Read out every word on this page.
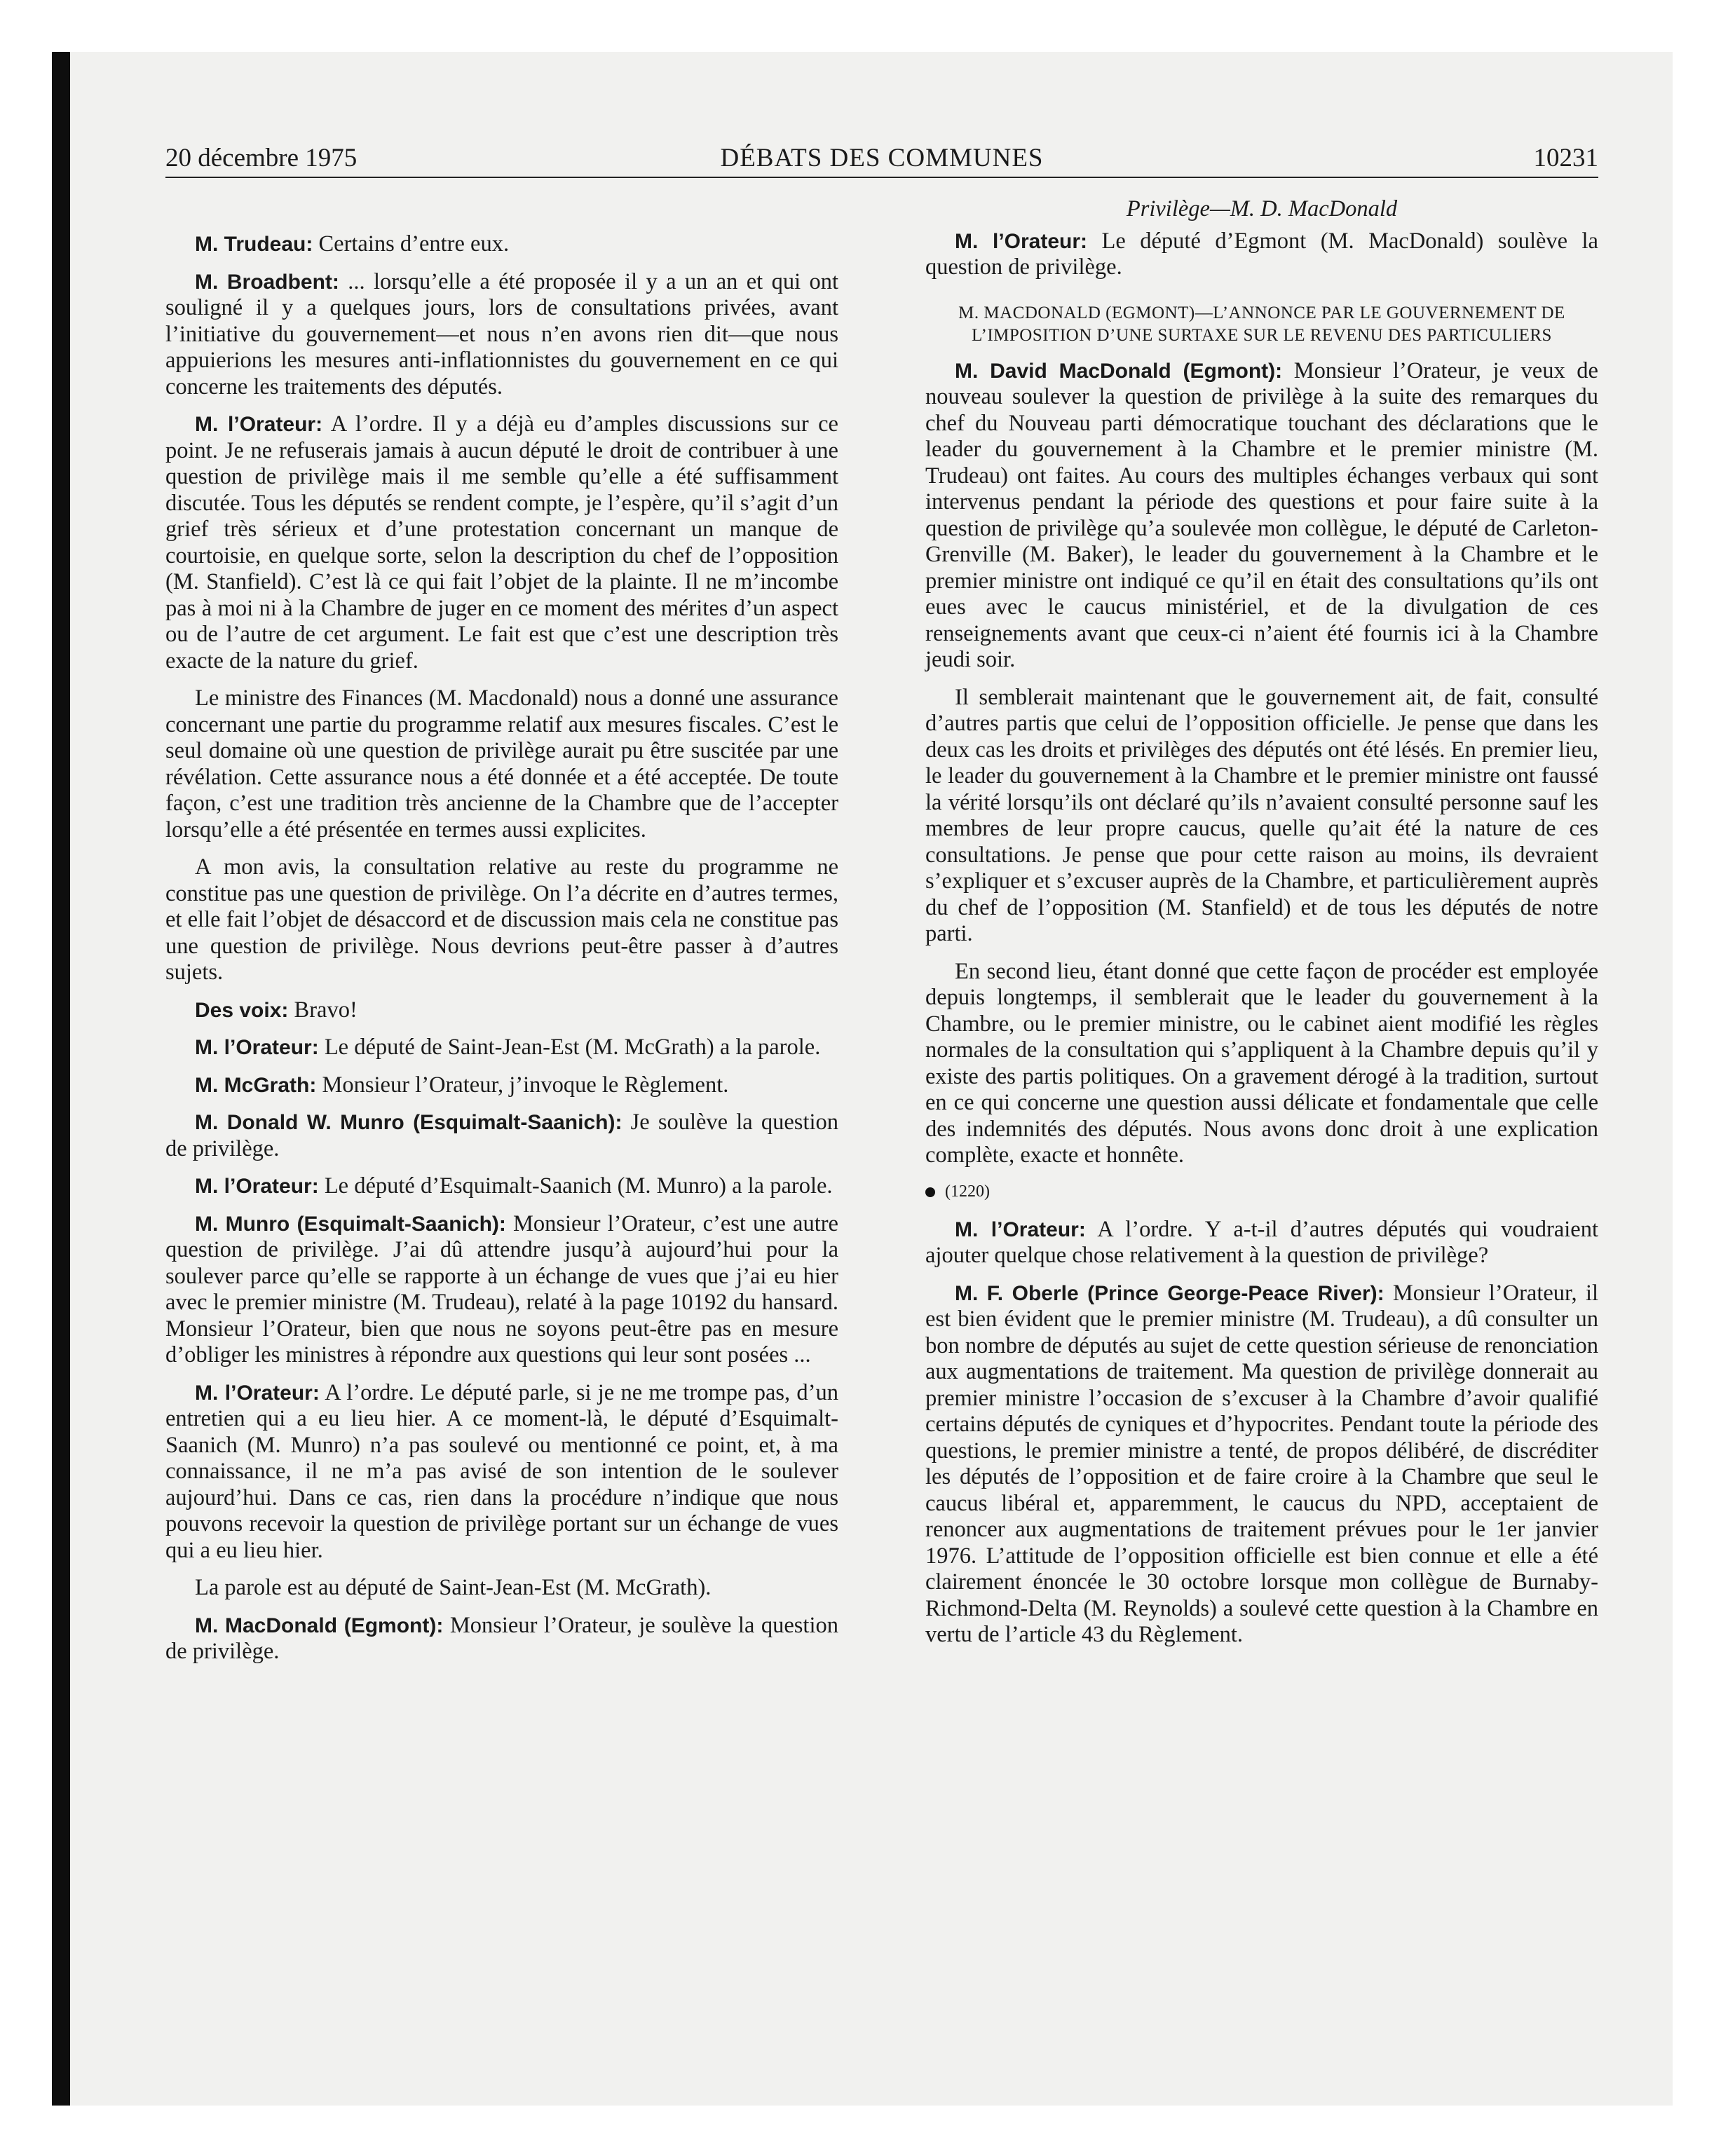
20 décembre 1975	DÉBATS DES COMMUNES	10231

M. Trudeau: Certains d’entre eux.

M. Broadbent: ... lorsqu’elle a été proposée il y a un an et qui ont souligné il y a quelques jours, lors de consultations privées, avant l’initiative du gouvernement—et nous n’en avons rien dit—que nous appuierions les mesures anti-inflationnistes du gouvernement en ce qui concerne les traitements des députés.

M. l’Orateur: A l’ordre. Il y a déjà eu d’amples discussions sur ce point. Je ne refuserais jamais à aucun député le droit de contribuer à une question de privilège mais il me semble qu’elle a été suffisamment discutée. Tous les députés se rendent compte, je l’espère, qu’il s’agit d’un grief très sérieux et d’une protestation concernant un manque de courtoisie, en quelque sorte, selon la description du chef de l’opposition (M. Stanfield). C’est là ce qui fait l’objet de la plainte. Il ne m’incombe pas à moi ni à la Chambre de juger en ce moment des mérites d’un aspect ou de l’autre de cet argument. Le fait est que c’est une description très exacte de la nature du grief.

Le ministre des Finances (M. Macdonald) nous a donné une assurance concernant une partie du programme relatif aux mesures fiscales. C’est le seul domaine où une question de privilège aurait pu être suscitée par une révélation. Cette assurance nous a été donnée et a été acceptée. De toute façon, c’est une tradition très ancienne de la Chambre que de l’accepter lorsqu’elle a été présentée en termes aussi explicites.

A mon avis, la consultation relative au reste du programme ne constitue pas une question de privilège. On l’a décrite en d’autres termes, et elle fait l’objet de désaccord et de discussion mais cela ne constitue pas une question de privilège. Nous devrions peut-être passer à d’autres sujets.

Des voix: Bravo!

M. l’Orateur: Le député de Saint-Jean-Est (M. McGrath) a la parole.

M. McGrath: Monsieur l’Orateur, j’invoque le Règlement.

M. Donald W. Munro (Esquimalt-Saanich): Je soulève la question de privilège.

M. l’Orateur: Le député d’Esquimalt-Saanich (M. Munro) a la parole.

M. Munro (Esquimalt-Saanich): Monsieur l’Orateur, c’est une autre question de privilège. J’ai dû attendre jusqu’à aujourd’hui pour la soulever parce qu’elle se rapporte à un échange de vues que j’ai eu hier avec le premier ministre (M. Trudeau), relaté à la page 10192 du hansard. Monsieur l’Orateur, bien que nous ne soyons peut-être pas en mesure d’obliger les ministres à répondre aux questions qui leur sont posées ...

M. l’Orateur: A l’ordre. Le député parle, si je ne me trompe pas, d’un entretien qui a eu lieu hier. A ce moment-là, le député d’Esquimalt-Saanich (M. Munro) n’a pas soulevé ou mentionné ce point, et, à ma connaissance, il ne m’a pas avisé de son intention de le soulever aujourd’hui. Dans ce cas, rien dans la procédure n’indique que nous pouvons recevoir la question de privilège portant sur un échange de vues qui a eu lieu hier.

La parole est au député de Saint-Jean-Est (M. McGrath).

M. MacDonald (Egmont): Monsieur l’Orateur, je soulève la question de privilège.

Privilège—M. D. MacDonald

M. l’Orateur: Le député d’Egmont (M. MacDonald) soulève la question de privilège.

M. MACDONALD (EGMONT)—L’ANNONCE PAR LE GOUVERNEMENT DE L’IMPOSITION D’UNE SURTAXE SUR LE REVENU DES PARTICULIERS

M. David MacDonald (Egmont): Monsieur l’Orateur, je veux de nouveau soulever la question de privilège à la suite des remarques du chef du Nouveau parti démocratique touchant des déclarations que le leader du gouvernement à la Chambre et le premier ministre (M. Trudeau) ont faites. Au cours des multiples échanges verbaux qui sont intervenus pendant la période des questions et pour faire suite à la question de privilège qu’a soulevée mon collègue, le député de Carleton-Grenville (M. Baker), le leader du gouvernement à la Chambre et le premier ministre ont indiqué ce qu’il en était des consultations qu’ils ont eues avec le caucus ministériel, et de la divulgation de ces renseignements avant que ceux-ci n’aient été fournis ici à la Chambre jeudi soir.

Il semblerait maintenant que le gouvernement ait, de fait, consulté d’autres partis que celui de l’opposition officielle. Je pense que dans les deux cas les droits et privilèges des députés ont été lésés. En premier lieu, le leader du gouvernement à la Chambre et le premier ministre ont faussé la vérité lorsqu’ils ont déclaré qu’ils n’avaient consulté personne sauf les membres de leur propre caucus, quelle qu’ait été la nature de ces consultations. Je pense que pour cette raison au moins, ils devraient s’expliquer et s’excuser auprès de la Chambre, et particulièrement auprès du chef de l’opposition (M. Stanfield) et de tous les députés de notre parti.

En second lieu, étant donné que cette façon de procéder est employée depuis longtemps, il semblerait que le leader du gouvernement à la Chambre, ou le premier ministre, ou le cabinet aient modifié les règles normales de la consultation qui s’appliquent à la Chambre depuis qu’il y existe des partis politiques. On a gravement dérogé à la tradition, surtout en ce qui concerne une question aussi délicate et fondamentale que celle des indemnités des députés. Nous avons donc droit à une explication complète, exacte et honnête.

(1220)

M. l’Orateur: A l’ordre. Y a-t-il d’autres députés qui voudraient ajouter quelque chose relativement à la question de privilège?

M. F. Oberle (Prince George-Peace River): Monsieur l’Orateur, il est bien évident que le premier ministre (M. Trudeau), a dû consulter un bon nombre de députés au sujet de cette question sérieuse de renonciation aux augmentations de traitement. Ma question de privilège donnerait au premier ministre l’occasion de s’excuser à la Chambre d’avoir qualifié certains députés de cyniques et d’hypocrites. Pendant toute la période des questions, le premier ministre a tenté, de propos délibéré, de discréditer les députés de l’opposition et de faire croire à la Chambre que seul le caucus libéral et, apparemment, le caucus du NPD, acceptaient de renoncer aux augmentations de traitement prévues pour le 1er janvier 1976. L’attitude de l’opposition officielle est bien connue et elle a été clairement énoncée le 30 octobre lorsque mon collègue de Burnaby-Richmond-Delta (M. Reynolds) a soulevé cette question à la Chambre en vertu de l’article 43 du Règlement.
